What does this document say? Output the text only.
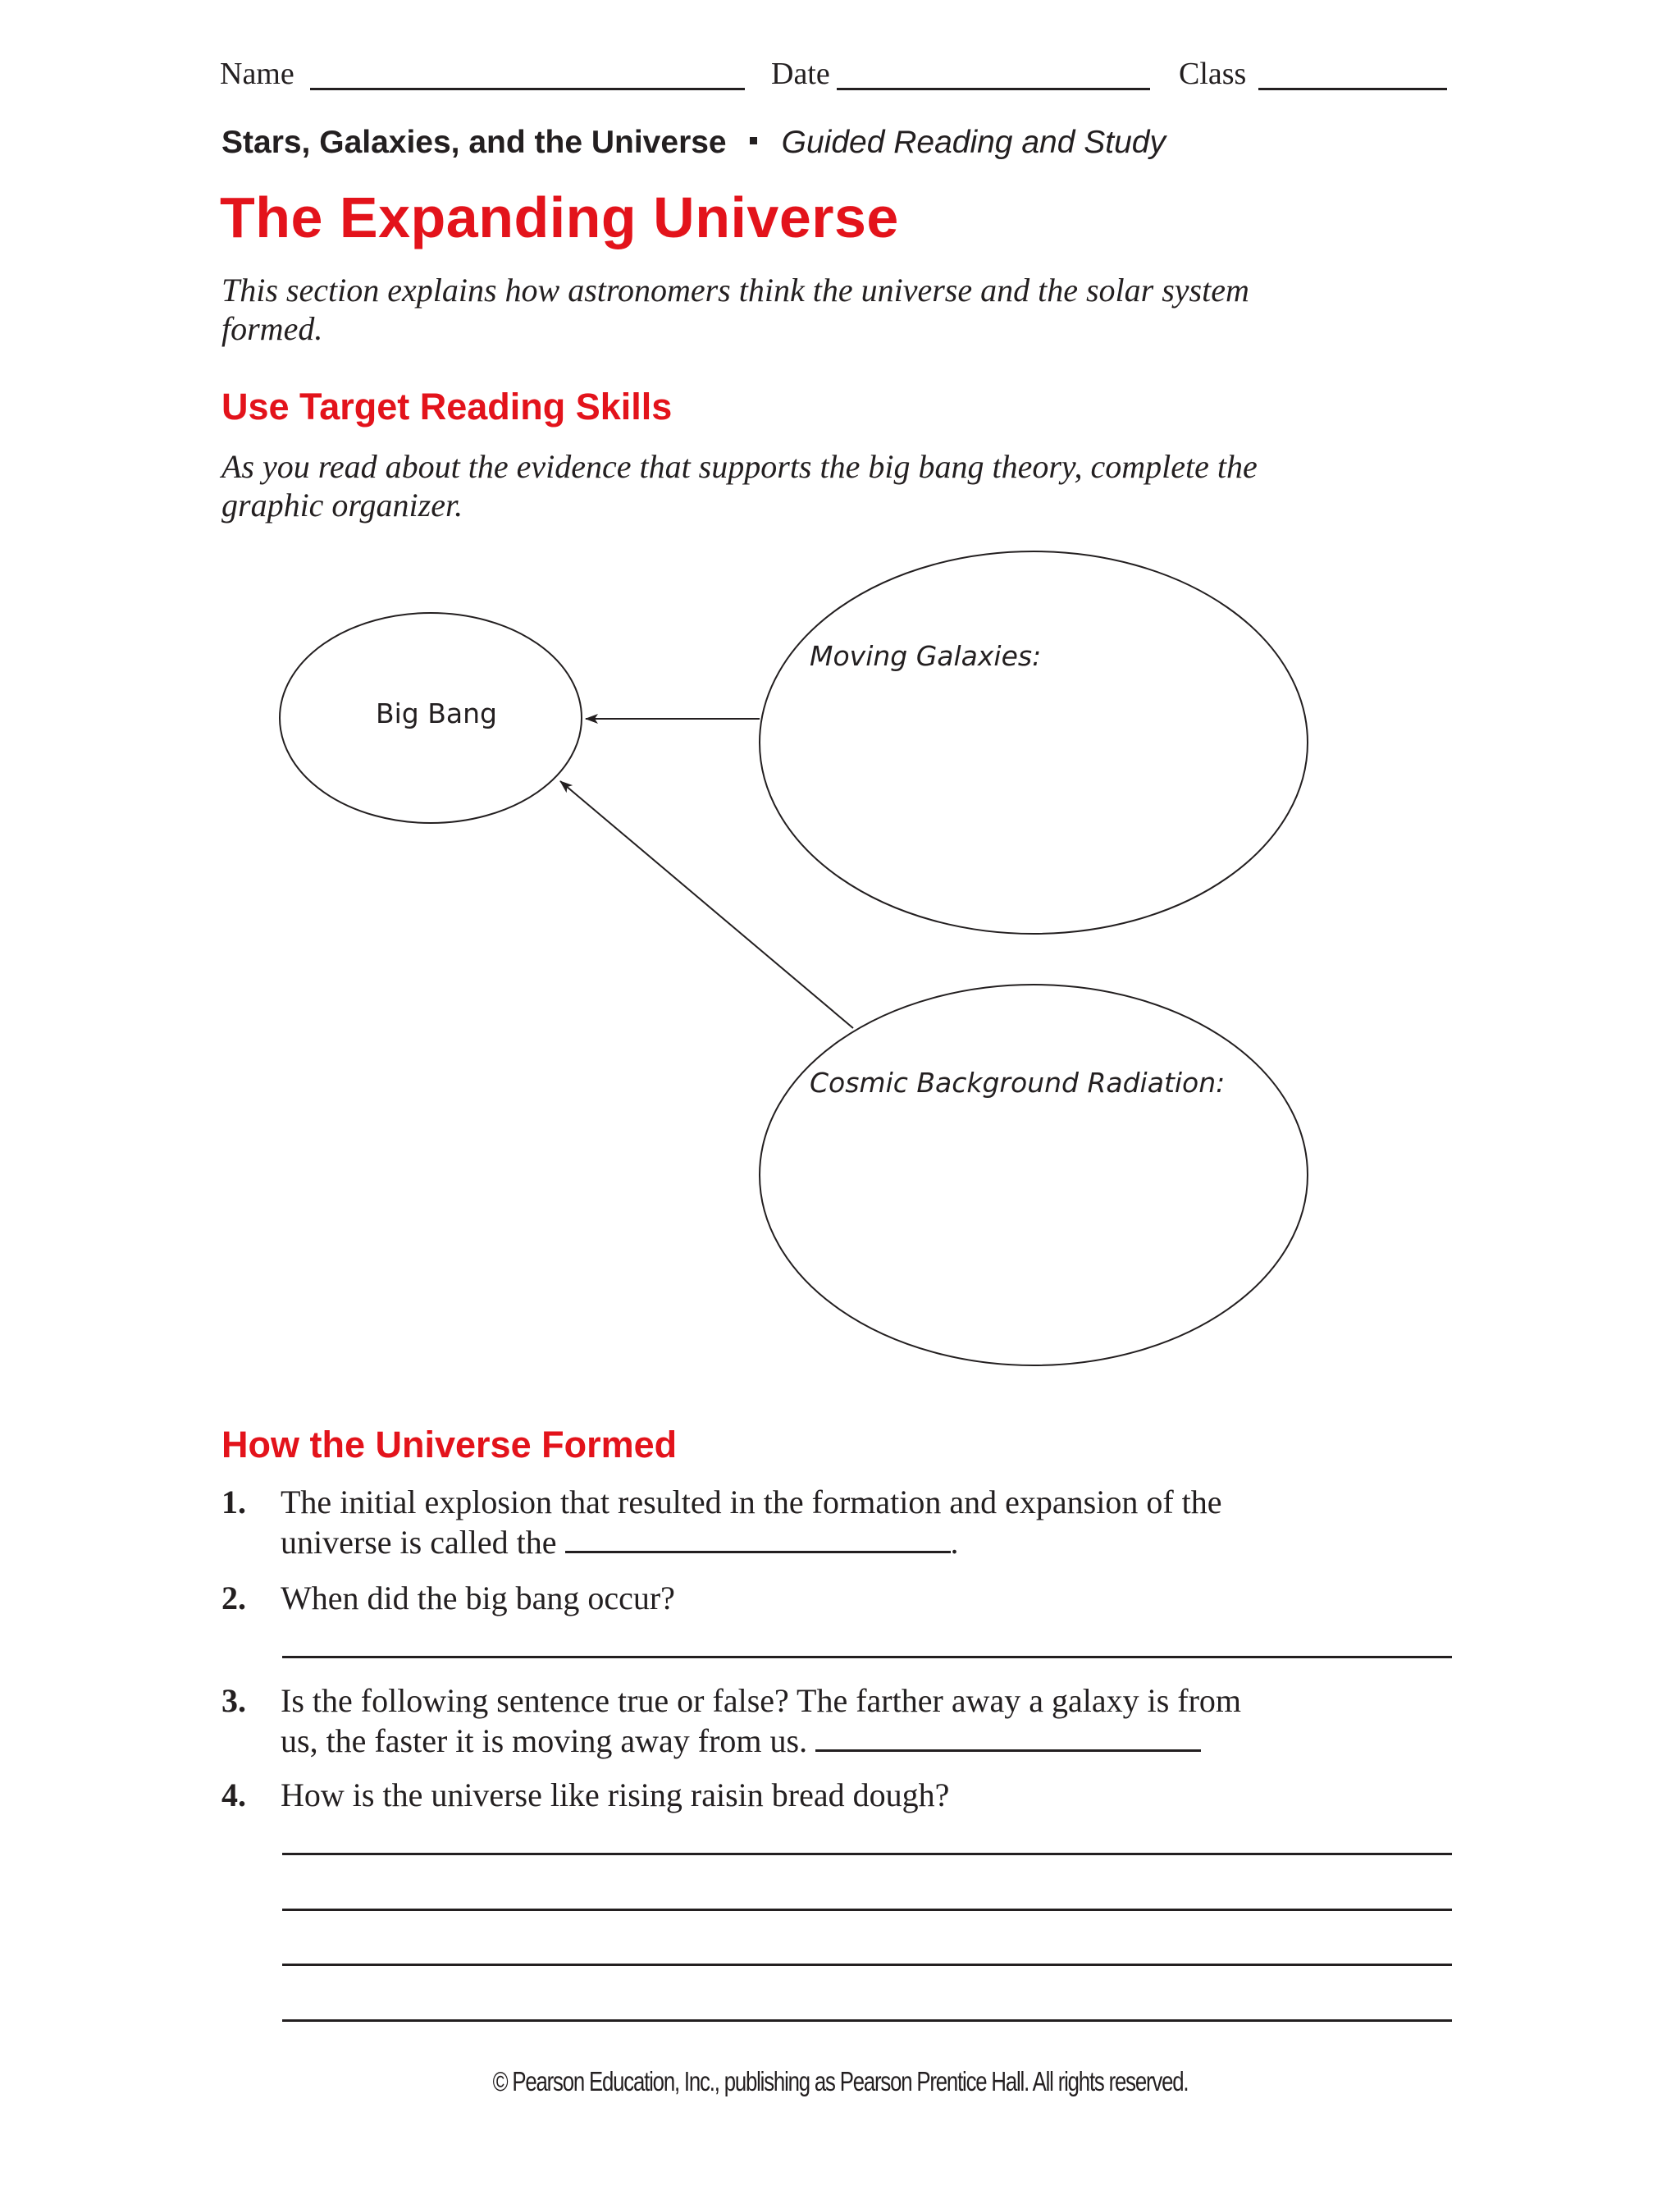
Name	Date	Class
Stars, Galaxies, and the Universe Guided Reading and Study
The Expanding Universe
This section explains how astronomers think the universe and the solar system formed.
Use Target Reading Skills
As you read about the evidence that supports the big bang theory, complete the graphic organizer.
Big Bang
Moving Galaxies:
Cosmic Background Radiation:
How the Universe Formed
1. The initial explosion that resulted in the formation and expansion of the
universe is called the	.
2. When did the big bang occur?
3. Is the following sentence true or false? The farther away a galaxy is from
us, the faster it is moving away from us.
4. How is the universe like rising raisin bread dough?
© Pearson Education, Inc., publishing as Pearson Prentice Hall. All rights reserved.
